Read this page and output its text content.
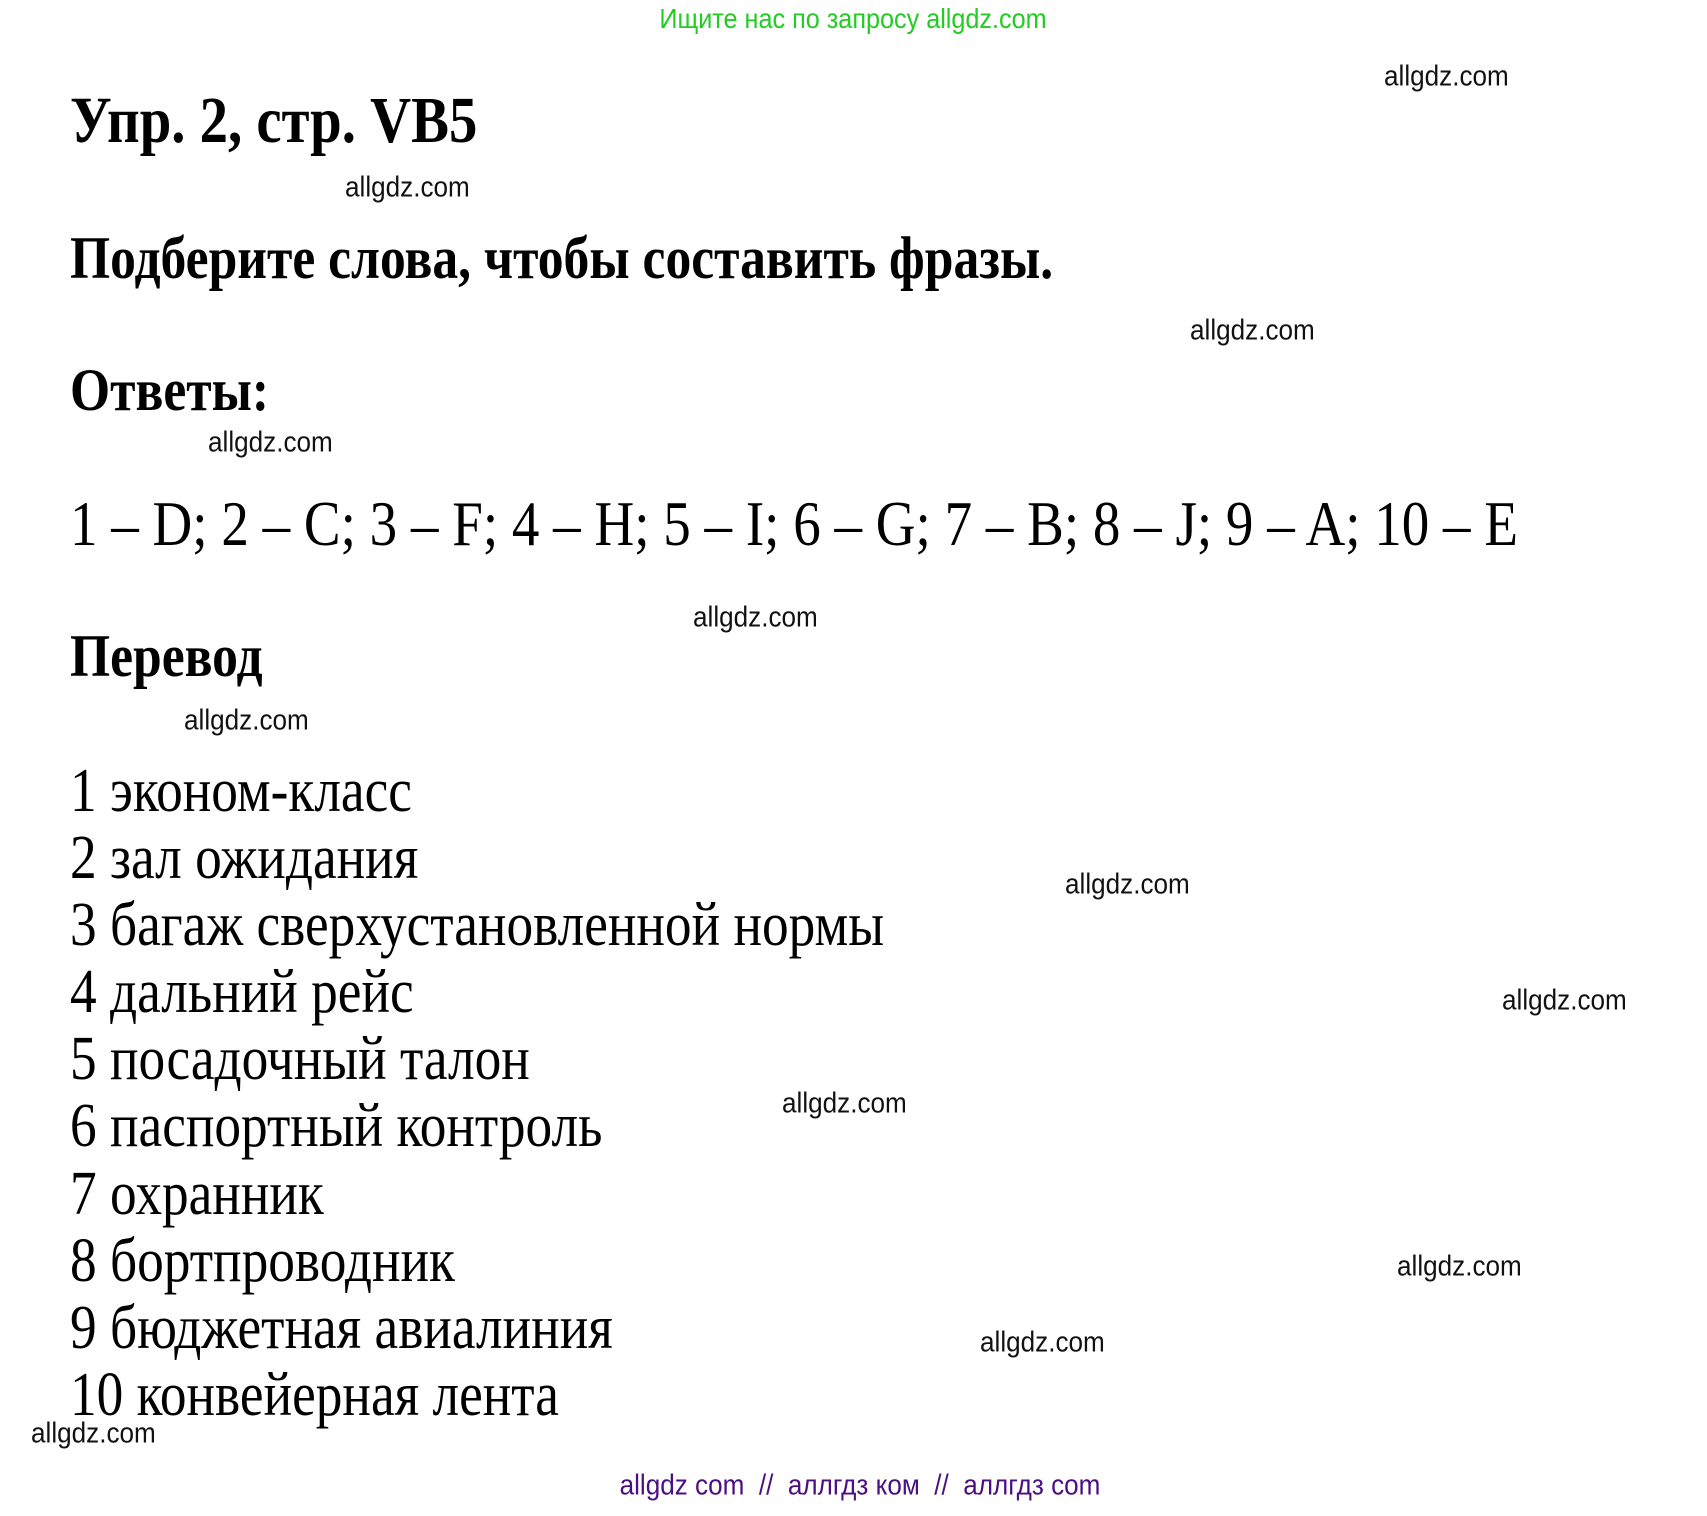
Ищите нас по запросу allgdz.com
Упр. 2, стр. VB5
Подберите слова, чтобы составить фразы.
Ответы:
1 – D; 2 – C; 3 – F; 4 – H; 5 – I; 6 – G; 7 – B; 8 – J; 9 – A; 10 – E
Перевод
1 эконом-класс
2 зал ожидания
3 багаж сверхустановленной нормы
4 дальний рейс
5 посадочный талон
6 паспортный контроль
7 охранник
8 бортпроводник
9 бюджетная авиалиния
10 конвейерная лента
allgdz.com
allgdz.com
allgdz.com
allgdz.com
allgdz.com
allgdz.com
allgdz.com
allgdz.com
allgdz.com
allgdz.com
allgdz.com
allgdz.com
allgdz com  //  аллгдз ком  //  аллгдз com
